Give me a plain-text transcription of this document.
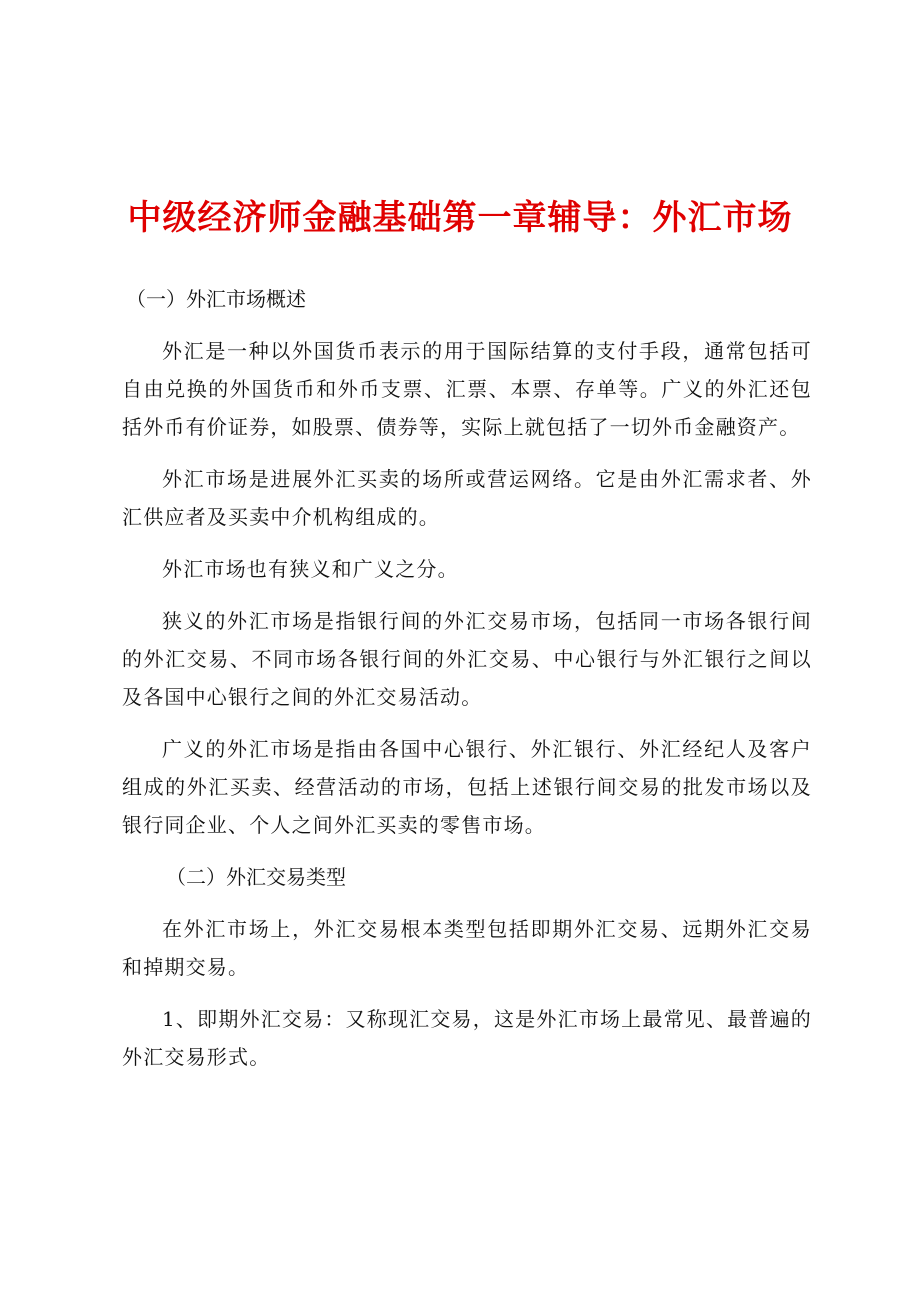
中级经济师金融基础第一章辅导：外汇市场

（一）外汇市场概述

外汇是一种以外国货币表示的用于国际结算的支付手段，通常包括可自由兑换的外国货币和外币支票、汇票、本票、存单等。广义的外汇还包括外币有价证券，如股票、债券等，实际上就包括了一切外币金融资产。

外汇市场是进展外汇买卖的场所或营运网络。它是由外汇需求者、外汇供应者及买卖中介机构组成的。

外汇市场也有狭义和广义之分。

狭义的外汇市场是指银行间的外汇交易市场，包括同一市场各银行间的外汇交易、不同市场各银行间的外汇交易、中心银行与外汇银行之间以及各国中心银行之间的外汇交易活动。

广义的外汇市场是指由各国中心银行、外汇银行、外汇经纪人及客户组成的外汇买卖、经营活动的市场，包括上述银行间交易的批发市场以及银行同企业、个人之间外汇买卖的零售市场。

（二）外汇交易类型

在外汇市场上，外汇交易根本类型包括即期外汇交易、远期外汇交易和掉期交易。

1、即期外汇交易：又称现汇交易，这是外汇市场上最常见、最普遍的外汇交易形式。
